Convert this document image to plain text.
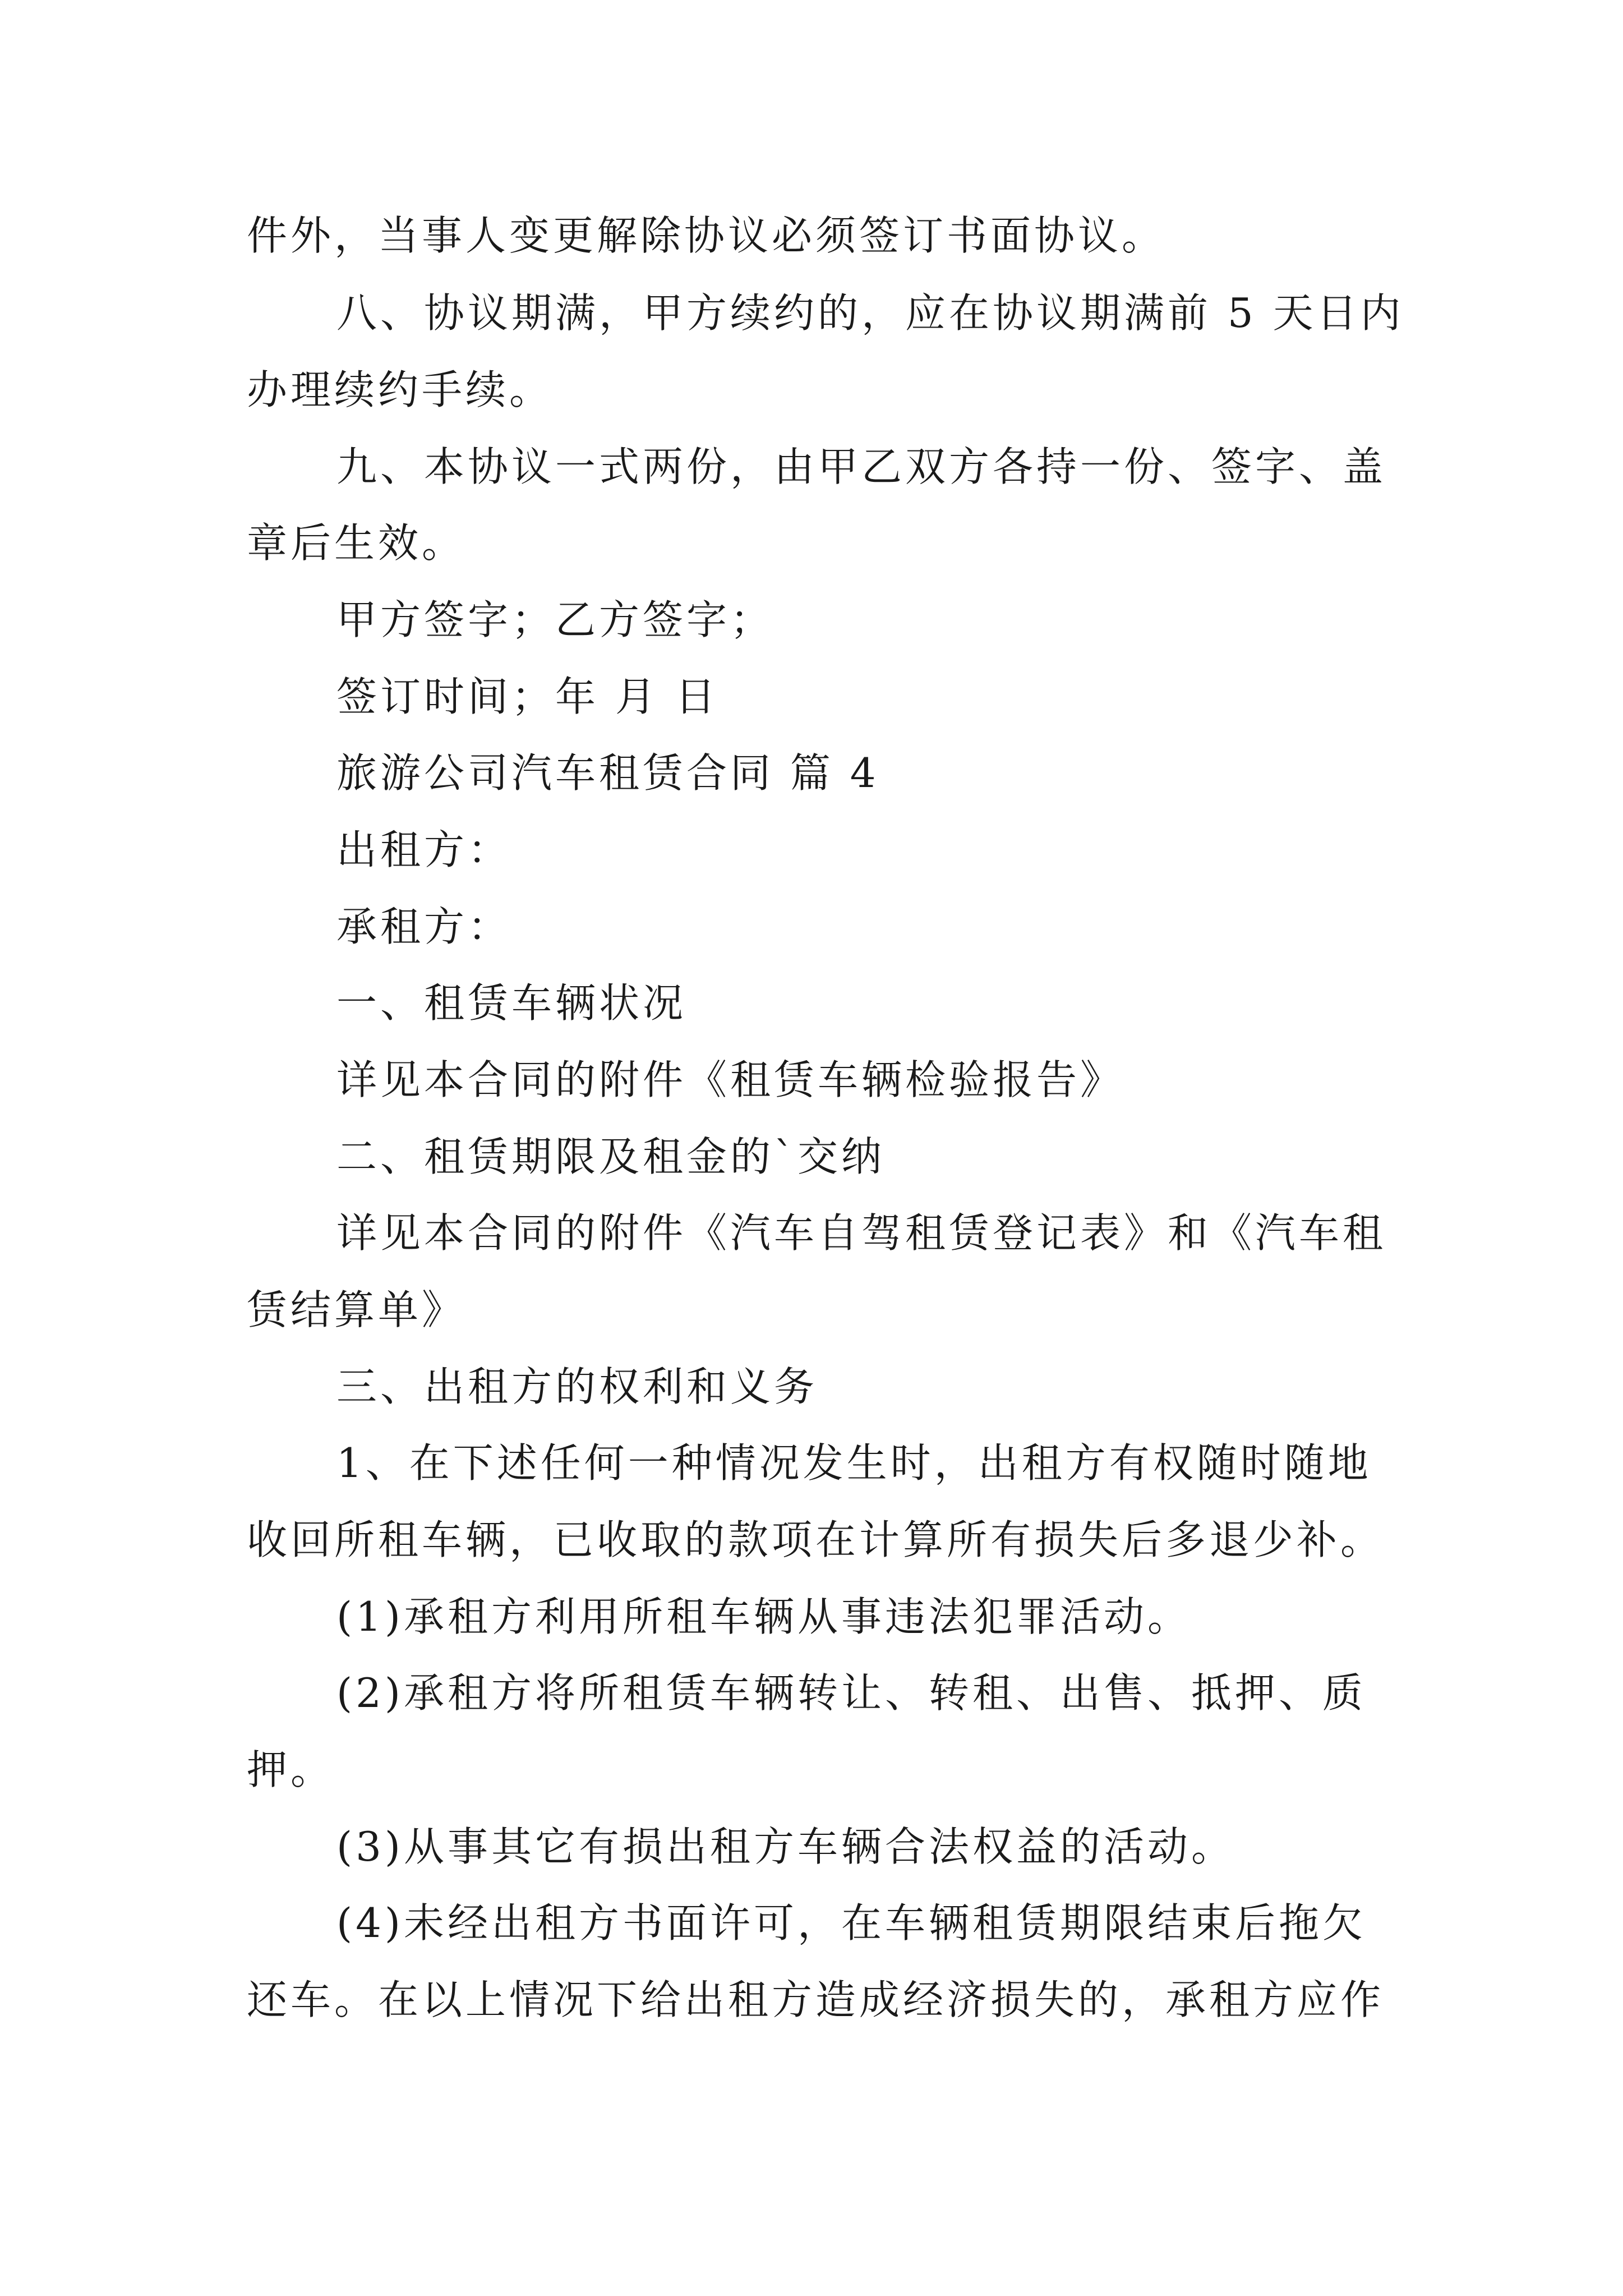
件外，当事人变更解除协议必须签订书面协议。
八、协议期满，甲方续约的，应在协议期满前 5 天日内
办理续约手续。
九、本协议一式两份，由甲乙双方各持一份、签字、盖
章后生效。
甲方签字；乙方签字；
签订时间；年 月 日
旅游公司汽车租赁合同 篇 4
出租方：
承租方：
一、租赁车辆状况
详见本合同的附件《租赁车辆检验报告》
二、租赁期限及租金的`交纳
详见本合同的附件《汽车自驾租赁登记表》和《汽车租
赁结算单》
三、出租方的权利和义务
1、在下述任何一种情况发生时，出租方有权随时随地
收回所租车辆，已收取的款项在计算所有损失后多退少补。
(1)承租方利用所租车辆从事违法犯罪活动。
(2)承租方将所租赁车辆转让、转租、出售、抵押、质
押。
(3)从事其它有损出租方车辆合法权益的活动。
(4)未经出租方书面许可，在车辆租赁期限结束后拖欠
还车。在以上情况下给出租方造成经济损失的，承租方应作
